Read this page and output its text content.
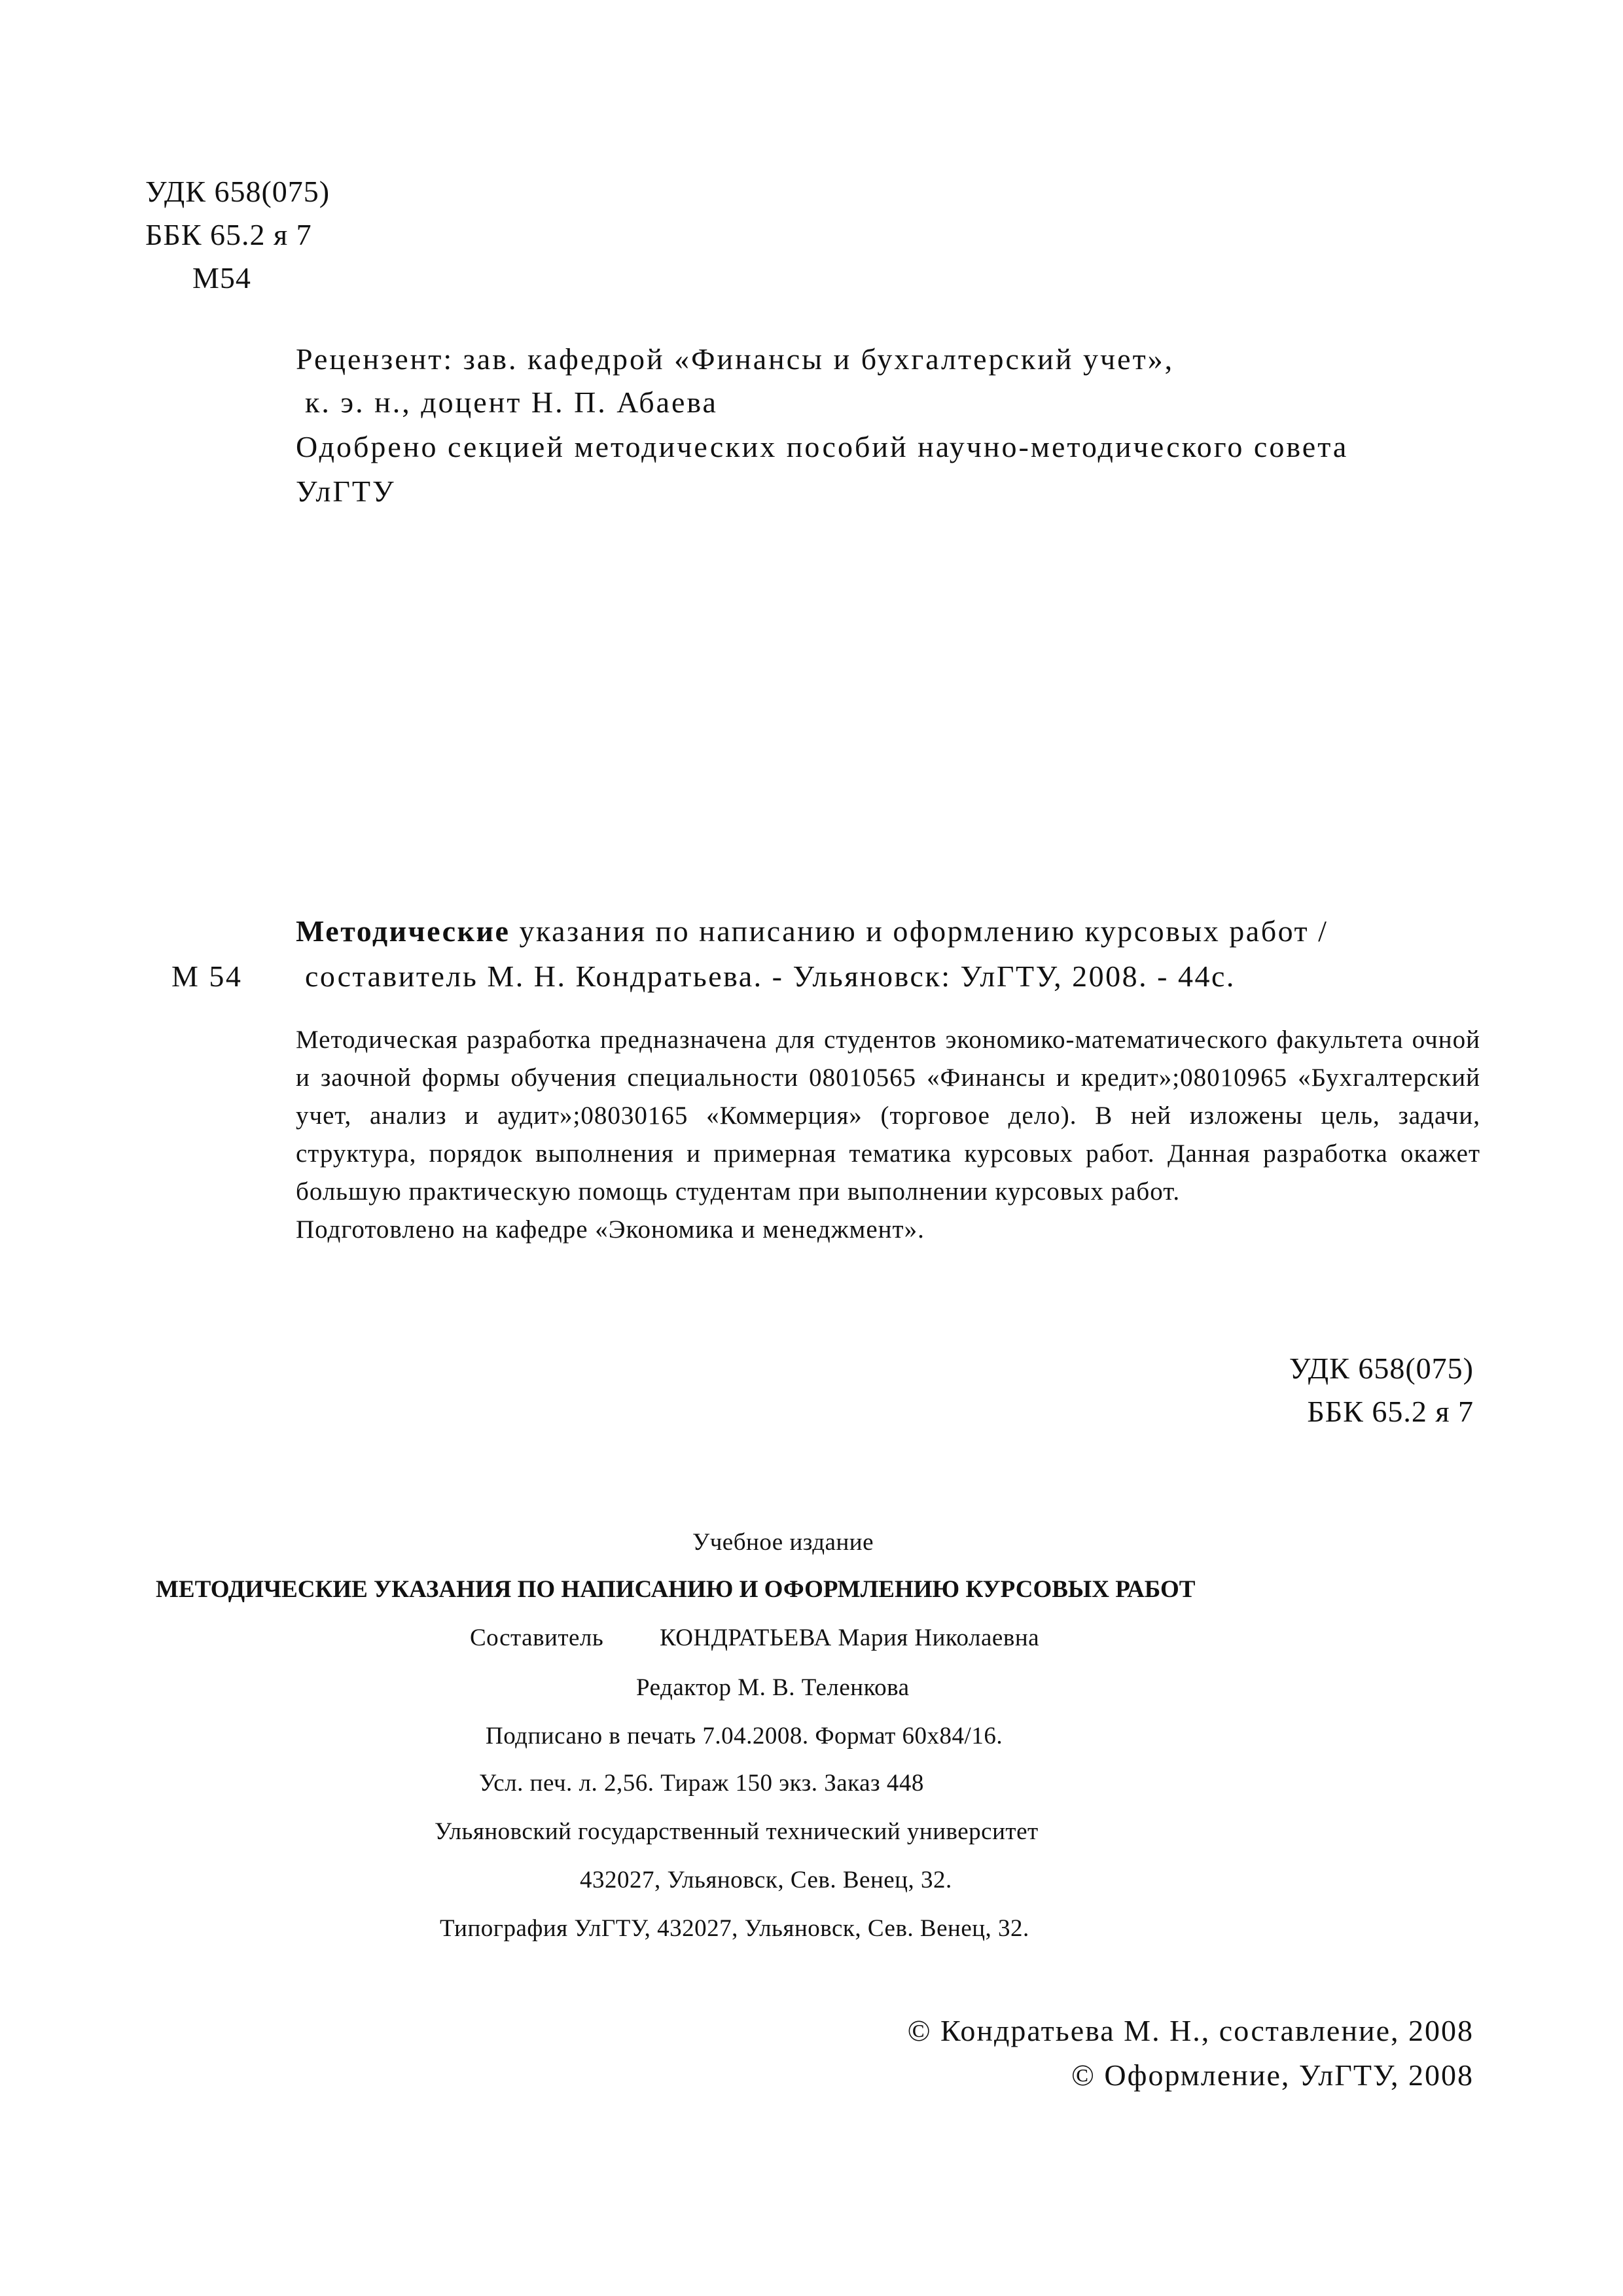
УДК 658(075)
ББК 65.2 я 7
М54
Рецензент: зав. кафедрой «Финансы и бухгалтерский учет»,
к. э. н., доцент Н. П. Абаева
Одобрено секцией методических пособий научно-методического совета
УлГТУ
Методические указания по написанию и оформлению курсовых работ /
М 54 составитель М. Н. Кондратьева. - Ульяновск: УлГТУ, 2008. - 44с.

Методическая разработка предназначена для студентов экономико-математического факультета очной и заочной формы обучения специальности 08010565 «Финансы и кредит»;08010965 «Бухгалтерский учет, анализ и аудит»;08030165 «Коммерция» (торговое дело). В ней изложены цель, задачи, структура, порядок выполнения и примерная тематика курсовых работ. Данная разработка окажет большую практическую помощь студентам при выполнении курсовых работ.

Подготовлено на кафедре «Экономика и менеджмент».

УДК 658(075)
ББК 65.2 я 7
Учебное издание
МЕТОДИЧЕСКИЕ УКАЗАНИЯ ПО НАПИСАНИЮ И ОФОРМЛЕНИЮ КУРСОВЫХ РАБОТ
Составитель КОНДРАТЬЕВА Мария Николаевна
Редактор М. В. Теленкова
Подписано в печать 7.04.2008. Формат 60х84/16.
Усл. печ. л. 2,56. Тираж 150 экз. Заказ 448
Ульяновский государственный технический университет
432027, Ульяновск, Сев. Венец, 32.
Типография УлГТУ, 432027, Ульяновск, Сев. Венец, 32.
© Кондратьева М. Н., составление, 2008
© Оформление, УлГТУ, 2008
